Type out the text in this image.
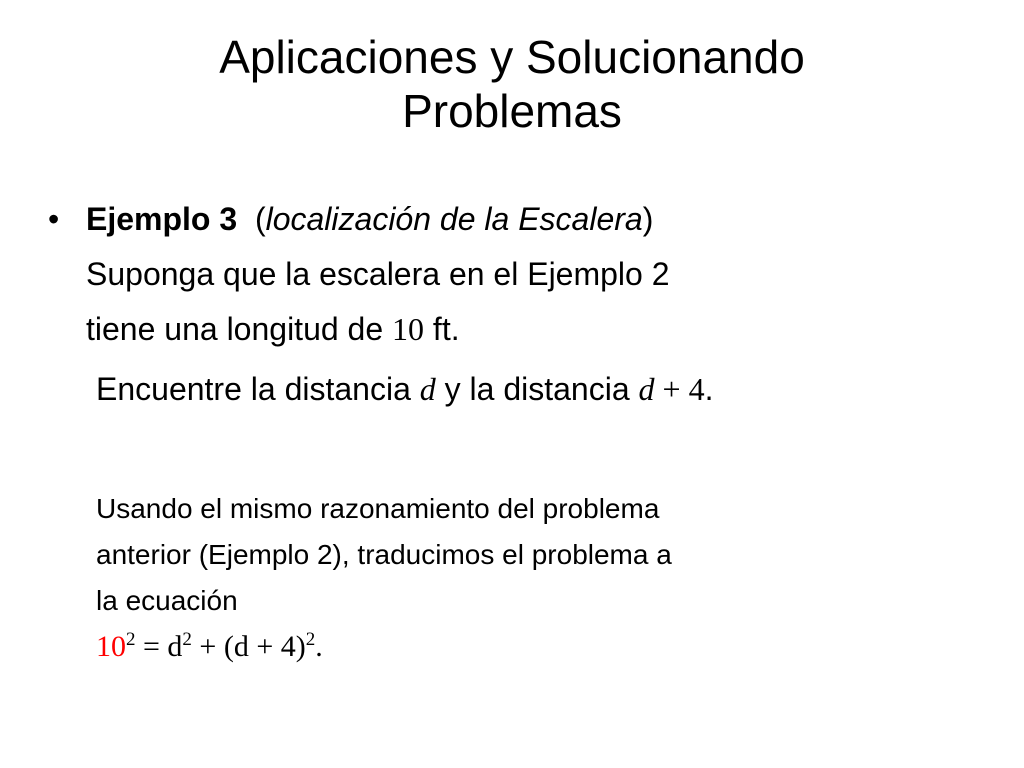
Aplicaciones y Solucionando
Problemas
• Ejemplo 3 (localización de la Escalera)
Suponga que la escalera en el Ejemplo 2
tiene una longitud de 10 ft.
Encuentre la distancia d y la distancia d + 4.
Usando el mismo razonamiento del problema
anterior (Ejemplo 2), traducimos el problema a
la ecuación
$10^2 = d^2 + (d + 4)^2$.
